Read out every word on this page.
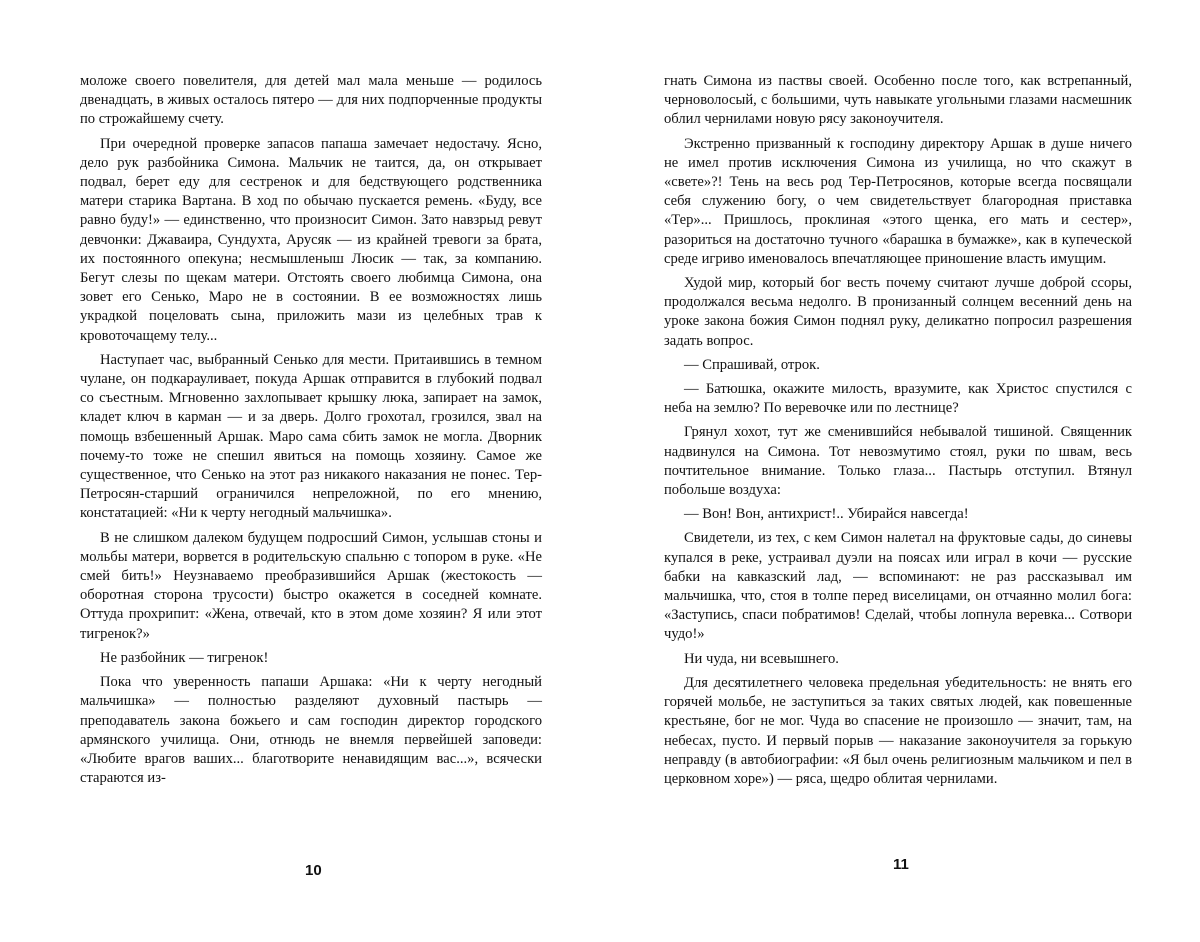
моложе своего повелителя, для детей мал мала меньше — родилось двенадцать, в живых осталось пятеро — для них подпорченные продукты по строжайшему счету.

При очередной проверке запасов папаша замечает недостачу. Ясно, дело рук разбойника Симона. Мальчик не таится, да, он открывает подвал, берет еду для сестренок и для бедствующего родственника матери старика Вартана. В ход по обычаю пускается ремень. «Буду, все равно буду!» — единственно, что произносит Симон. Зато навзрыд ревут девчонки: Джаваира, Сундухта, Арусяк — из крайней тревоги за брата, их постоянного опекуна; несмышленыш Люсик — так, за компанию. Бегут слезы по щекам матери. Отстоять своего любимца Симона, она зовет его Сенько, Маро не в состоянии. В ее возможностях лишь украдкой поцеловать сына, приложить мази из целебных трав к кровоточащему телу...

Наступает час, выбранный Сенько для мести. Притаившись в темном чулане, он подкарауливает, покуда Аршак отправится в глубокий подвал со съестным. Мгновенно захлопывает крышку люка, запирает на замок, кладет ключ в карман — и за дверь. Долго грохотал, грозился, звал на помощь взбешенный Аршак. Маро сама сбить замок не могла. Дворник почему-то тоже не спешил явиться на помощь хозяину. Самое же существенное, что Сенько на этот раз никакого наказания не понес. Тер-Петросян-старший ограничился непреложной, по его мнению, констатацией: «Ни к черту негодный мальчишка».

В не слишком далеком будущем подросший Симон, услышав стоны и мольбы матери, ворвется в родительскую спальню с топором в руке. «Не смей бить!» Неузнаваемо преобразившийся Аршак (жестокость — оборотная сторона трусости) быстро окажется в соседней комнате. Оттуда прохрипит: «Жена, отвечай, кто в этом доме хозяин? Я или этот тигренок?»

Не разбойник — тигренок!

Пока что уверенность папаши Аршака: «Ни к черту негодный мальчишка» — полностью разделяют духовный пастырь — преподаватель закона божьего и сам господин директор городского армянского училища. Они, отнюдь не внемля первейшей заповеди: «Любите врагов ваших... благотворите ненавидящим вас...», всячески стараются из-

10

гнать Симона из паствы своей. Особенно после того, как встрепанный, черноволосый, с большими, чуть навыкате угольными глазами насмешник облил чернилами новую рясу законоучителя.

Экстренно призванный к господину директору Аршак в душе ничего не имел против исключения Симона из училища, но что скажут в «свете»?! Тень на весь род Тер-Петросянов, которые всегда посвящали себя служению богу, о чем свидетельствует благородная приставка «Тер»... Пришлось, проклиная «этого щенка, его мать и сестер», разориться на достаточно тучного «барашка в бумажке», как в купеческой среде игриво именовалось впечатляющее приношение власть имущим.

Худой мир, который бог весть почему считают лучше доброй ссоры, продолжался весьма недолго. В пронизанный солнцем весенний день на уроке закона божия Симон поднял руку, деликатно попросил разрешения задать вопрос.

— Спрашивай, отрок.

— Батюшка, окажите милость, вразумите, как Христос спустился с неба на землю? По веревочке или по лестнице?

Грянул хохот, тут же сменившийся небывалой тишиной. Священник надвинулся на Симона. Тот невозмутимо стоял, руки по швам, весь почтительное внимание. Только глаза... Пастырь отступил. Втянул побольше воздуха:

— Вон! Вон, антихрист!.. Убирайся навсегда!

Свидетели, из тех, с кем Симон налетал на фруктовые сады, до синевы купался в реке, устраивал дуэли на поясах или играл в кочи — русские бабки на кавказский лад, — вспоминают: не раз рассказывал им мальчишка, что, стоя в толпе перед виселицами, он отчаянно молил бога: «Заступись, спаси побратимов! Сделай, чтобы лопнула веревка... Сотвори чудо!»

Ни чуда, ни всевышнего.

Для десятилетнего человека предельная убедительность: не внять его горячей мольбе, не заступиться за таких святых людей, как повешенные крестьяне, бог не мог. Чуда во спасение не произошло — значит, там, на небесах, пусто. И первый порыв — наказание законоучителя за горькую неправду (в автобиографии: «Я был очень религиозным мальчиком и пел в церковном хоре») — ряса, щедро облитая чернилами.

11
